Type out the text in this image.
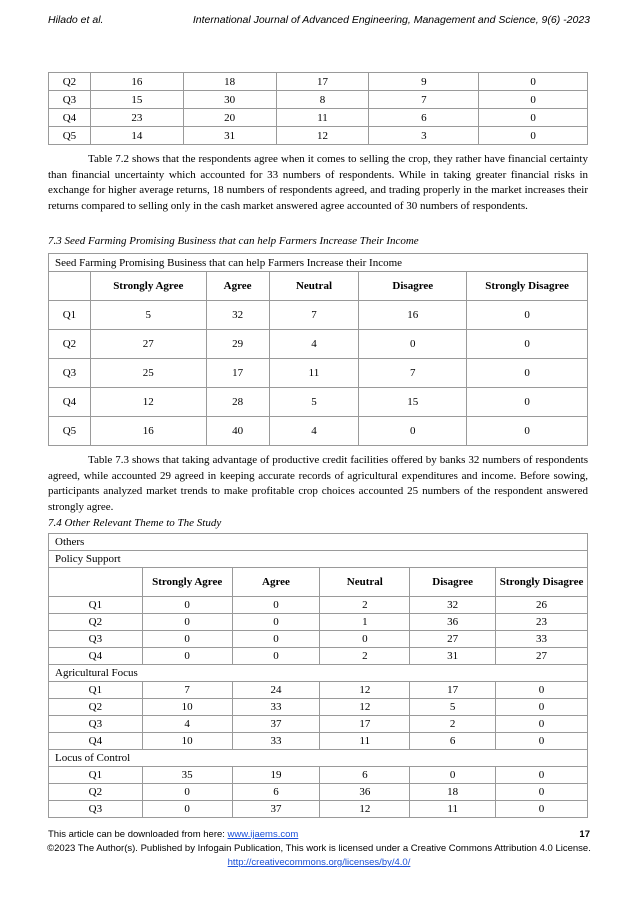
Hilado et al.	International Journal of Advanced Engineering, Management and Science, 9(6) -2023
Q2	16	18	17	9	0
Q3	15	30	8	7	0
Q4	23	20	11	6	0
Q5	14	31	12	3	0

Table 7.2 shows that the respondents agree when it comes to selling the crop, they rather have financial certainty than financial uncertainty which accounted for 33 numbers of respondents. While in taking greater financial risks in exchange for higher average returns, 18 numbers of respondents agreed, and trading properly in the market increases their returns compared to selling only in the cash market answered agree accounted of 30 numbers of respondents.

7.3 Seed Farming Promising Business that can help Farmers Increase Their Income

Seed Farming Promising Business that can help Farmers Increase their Income					
	Strongly Agree	Agree	Neutral	Disagree	Strongly Disagree
Q1	5	32	7	16	0
Q2	27	29	4	0	0
Q3	25	17	11	7	0
Q4	12	28	5	15	0
Q5	16	40	4	0	0

Table 7.3 shows that taking advantage of productive credit facilities offered by banks 32 numbers of respondents agreed, while accounted 29 agreed in keeping accurate records of agricultural expenditures and income. Before sowing, participants analyzed market trends to make profitable crop choices accounted 25 numbers of the respondent answered strongly agree.

7.4 Other Relevant Theme to The Study

Others					
Policy Support					
	Strongly Agree	Agree	Neutral	Disagree	Strongly Disagree
Q1	0	0	2	32	26
Q2	0	0	1	36	23
Q3	0	0	0	27	33
Q4	0	0	2	31	27
Agricultural Focus					
Q1	7	24	12	17	0
Q2	10	33	12	5	0
Q3	4	37	17	2	0
Q4	10	33	11	6	0
Locus of Control					
Q1	35	19	6	0	0
Q2	0	6	36	18	0
Q3	0	37	12	11	0
This article can be downloaded from here: www.ijaems.com	17
©2023 The Author(s). Published by Infogain Publication, This work is licensed under a Creative Commons Attribution 4.0 License.
http://creativecommons.org/licenses/by/4.0/
